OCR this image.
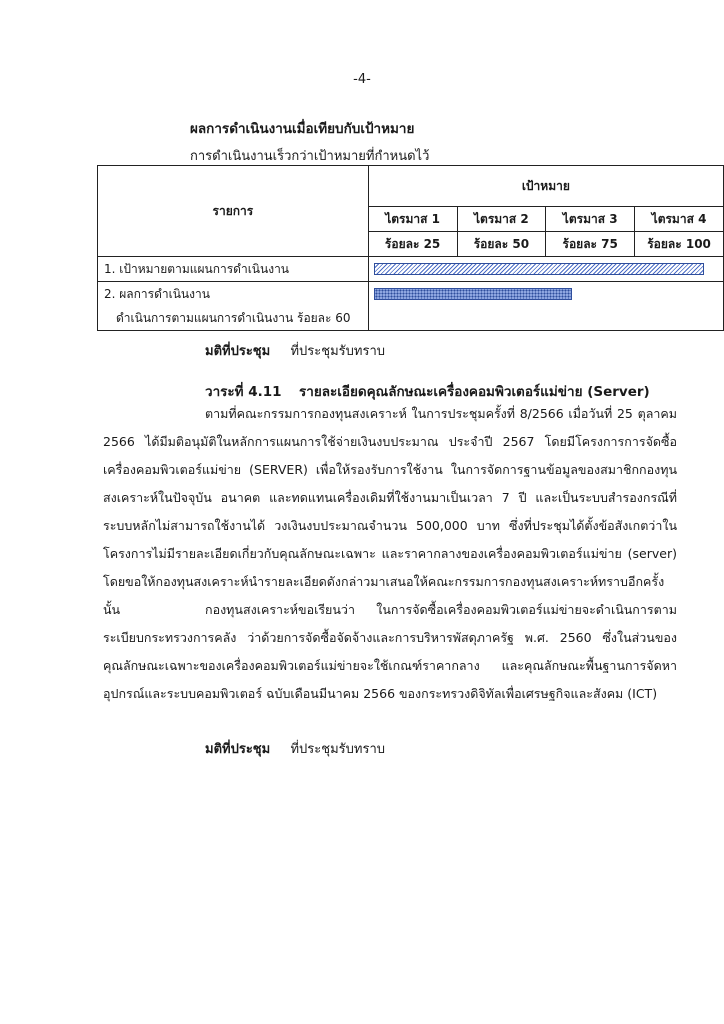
-4-
ผลการดำเนินงานเมื่อเทียบกับเป้าหมาย
การดำเนินงานเร็วกว่าเป้าหมายที่กำหนดไว้
รายการ	เป้าหมาย			
	ไตรมาส 1	ไตรมาส 2	ไตรมาส 3	ไตรมาส 4
	ร้อยละ 25	ร้อยละ 50	ร้อยละ 75	ร้อยละ 100
1. เป้าหมายตามแผนการดำเนินงาน				

2. ผลการดำเนินงาน
ดำเนินการตามแผนการดำเนินงาน ร้อยละ 60				

มติที่ประชุม ที่ประชุมรับทราบ
วาระที่ 4.11 รายละเอียดคุณลักษณะเครื่องคอมพิวเตอร์แม่ข่าย (Server)
ตามที่คณะกรรมการกองทุนสงเคราะห์ ในการประชุมครั้งที่ 8/2566 เมื่อวันที่ 25 ตุลาคม 2566 ได้มีมติอนุมัติในหลักการแผนการใช้จ่ายเงินงบประมาณ ประจำปี 2567 โดยมีโครงการการจัดซื้อเครื่องคอมพิวเตอร์แม่ข่าย (SERVER) เพื่อให้รองรับการใช้งาน ในการจัดการฐานข้อมูลของสมาชิกกองทุนสงเคราะห์ในปัจจุบัน อนาคต และทดแทนเครื่องเดิมที่ใช้งานมาเป็นเวลา 7 ปี และเป็นระบบสำรองกรณีที่ระบบหลักไม่สามารถใช้งานได้ วงเงินงบประมาณจำนวน 500,000 บาท ซึ่งที่ประชุมได้ตั้งข้อสังเกตว่าในโครงการไม่มีรายละเอียดเกี่ยวกับคุณลักษณะเฉพาะ และราคากลางของเครื่องคอมพิวเตอร์แม่ข่าย (server) โดยขอให้กองทุนสงเคราะห์นำรายละเอียดดังกล่าวมาเสนอให้คณะกรรมการกองทุนสงเคราะห์ทราบอีกครั้ง นั้น	กองทุนสงเคราะห์ขอเรียนว่า ในการจัดซื้อเครื่องคอมพิวเตอร์แม่ข่ายจะดำเนินการตามระเบียบกระทรวงการคลัง ว่าด้วยการจัดซื้อจัดจ้างและการบริหารพัสดุภาครัฐ พ.ศ. 2560 ซึ่งในส่วนของคุณลักษณะเฉพาะของเครื่องคอมพิวเตอร์แม่ข่ายจะใช้เกณฑ์ราคากลาง และคุณลักษณะพื้นฐานการจัดหาอุปกรณ์และระบบคอมพิวเตอร์ ฉบับเดือนมีนาคม 2566 ของกระทรวงดิจิทัลเพื่อเศรษฐกิจและสังคม (ICT)
มติที่ประชุม ที่ประชุมรับทราบ
